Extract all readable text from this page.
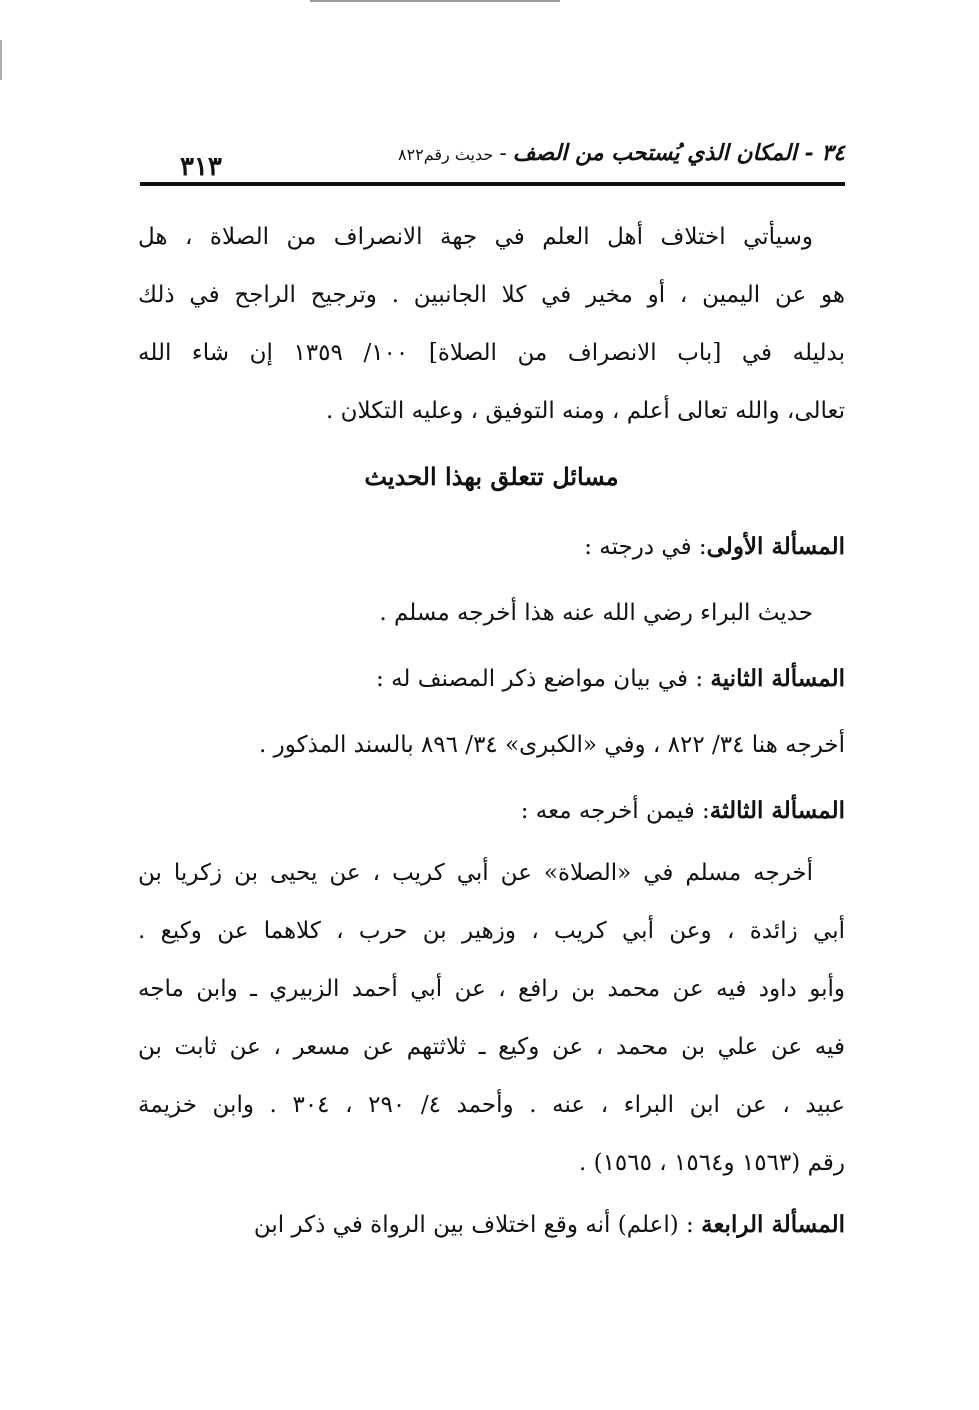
٣٤ - المكان الذي يُستحب من الصف-حديث رقم٨٢٢
٣١٣
وسيأتي اختلاف أهل العلم في جهة الانصراف من الصلاة ، هل
هو عن اليمين ، أو مخير في كلا الجانبين . وترجيح الراجح في ذلك
بدليله في [باب الانصراف من الصلاة] ١٠٠/ ١٣٥٩ إن شاء الله
تعالى، والله تعالى أعلم ، ومنه التوفيق ، وعليه التكلان .
مسائل تتعلق بهذا الحديث
المسألة الأولى: في درجته :
حديث البراء رضي الله عنه هذا أخرجه مسلم .
المسألة الثانية : في بيان مواضع ذكر المصنف له :
أخرجه هنا ٣٤/ ٨٢٢ ، وفي «الكبرى» ٣٤/ ٨٩٦ بالسند المذكور .
المسألة الثالثة: فيمن أخرجه معه :
أخرجه مسلم في «الصلاة» عن أبي كريب ، عن يحيى بن زكريا بن
أبي زائدة ، وعن أبي كريب ، وزهير بن حرب ، كلاهما عن وكيع .
وأبو داود فيه عن محمد بن رافع ، عن أبي أحمد الزبيري ـ وابن ماجه
فيه عن علي بن محمد ، عن وكيع ـ ثلاثتهم عن مسعر ، عن ثابت بن
عبيد ، عن ابن البراء ، عنه . وأحمد ٤/ ٢٩٠ ، ٣٠٤ . وابن خزيمة
رقم (١٥٦٣ و١٥٦٤ ، ١٥٦٥) .
المسألة الرابعة : (اعلم) أنه وقع اختلاف بين الرواة في ذكر ابن
